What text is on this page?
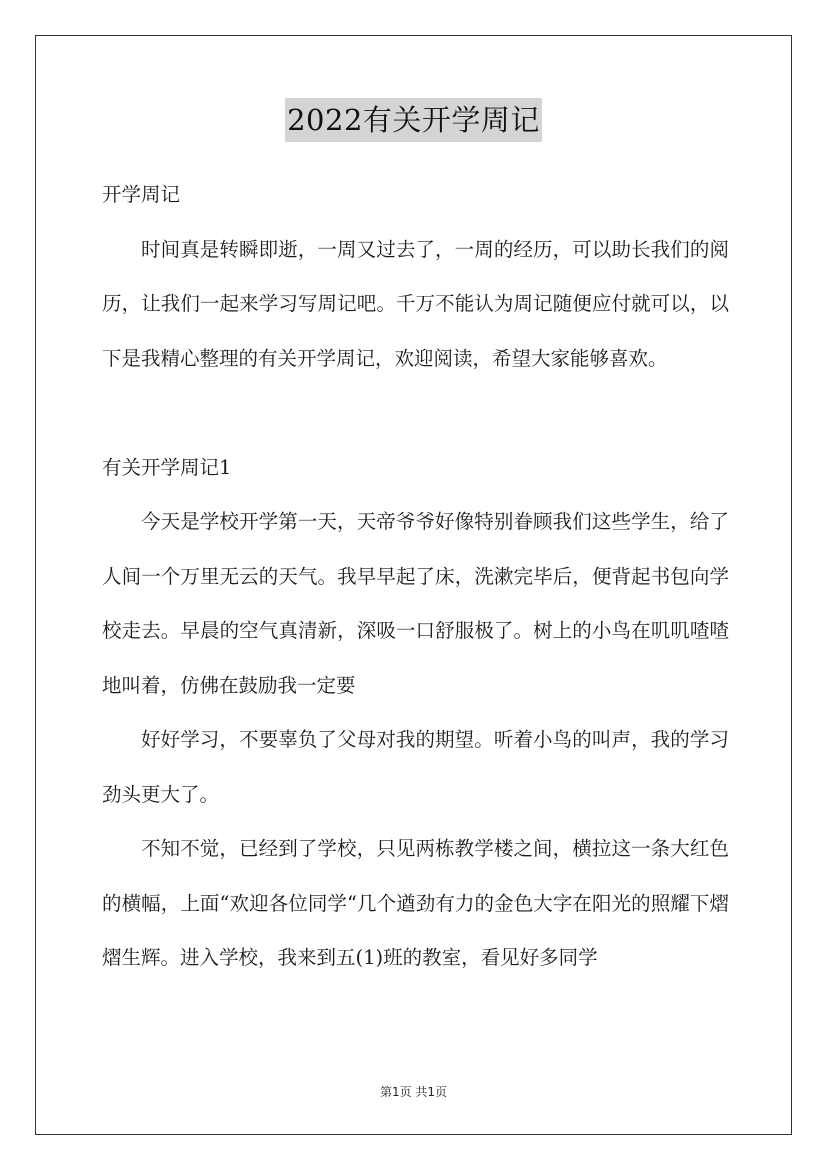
2022有关开学周记

开学周记

时间真是转瞬即逝，一周又过去了，一周的经历，可以助长我们的阅历，让我们一起来学习写周记吧。千万不能认为周记随便应付就可以，以下是我精心整理的有关开学周记，欢迎阅读，希望大家能够喜欢。

有关开学周记1

今天是学校开学第一天，天帝爷爷好像特别眷顾我们这些学生，给了人间一个万里无云的天气。我早早起了床，洗漱完毕后，便背起书包向学校走去。早晨的空气真清新，深吸一口舒服极了。树上的小鸟在叽叽喳喳地叫着，仿佛在鼓励我一定要

好好学习，不要辜负了父母对我的期望。听着小鸟的叫声，我的学习劲头更大了。

不知不觉，已经到了学校，只见两栋教学楼之间，横拉这一条大红色的横幅，上面“欢迎各位同学“几个遒劲有力的金色大字在阳光的照耀下熠熠生辉。进入学校，我来到五(1)班的教室，看见好多同学

第1页 共1页
